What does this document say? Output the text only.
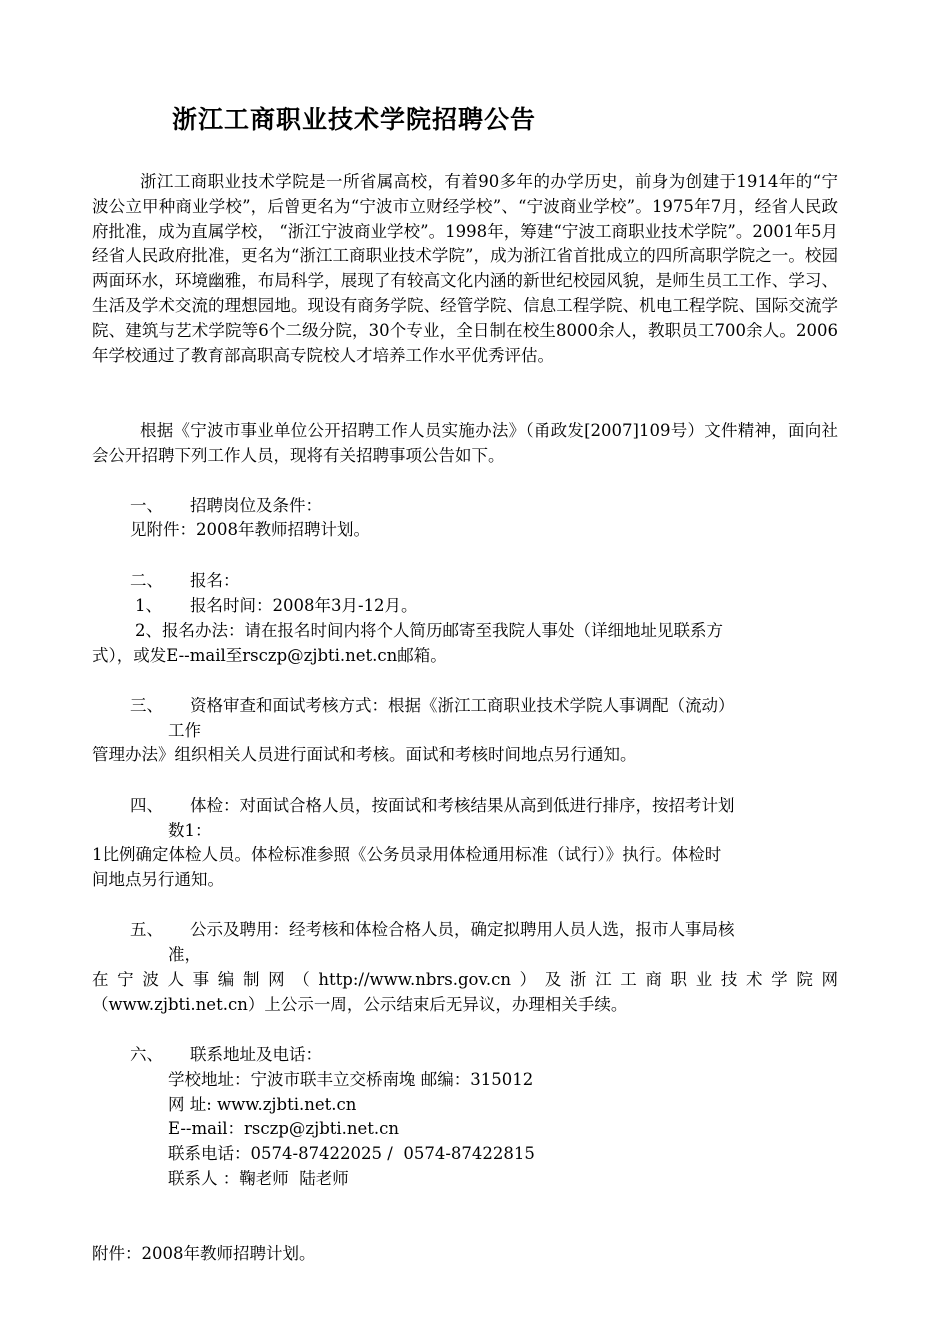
浙江工商职业技术学院招聘公告
浙江工商职业技术学院是一所省属高校，有着90多年的办学历史，前身为创建于1914年的“宁波公立甲种商业学校”，后曾更名为“宁波市立财经学校”、“宁波商业学校”。1975年7月，经省人民政府批准，成为直属学校， “浙江宁波商业学校”。1998年，筹建“宁波工商职业技术学院”。2001年5月经省人民政府批准，更名为“浙江工商职业技术学院”，成为浙江省首批成立的四所高职学院之一。校园两面环水，环境幽雅，布局科学，展现了有较高文化内涵的新世纪校园风貌，是师生员工工作、学习、生活及学术交流的理想园地。现设有商务学院、经管学院、信息工程学院、机电工程学院、国际交流学院、建筑与艺术学院等6个二级分院，30个专业，全日制在校生8000余人，教职员工700余人。2006年学校通过了教育部高职高专院校人才培养工作水平优秀评估。
根据《宁波市事业单位公开招聘工作人员实施办法》（甬政发[2007]109号）文件精神，面向社会公开招聘下列工作人员，现将有关招聘事项公告如下。
一、 招聘岗位及条件：
见附件：2008年教师招聘计划。
二、 报名：
1、 报名时间：2008年3月-12月。
2、报名办法：请在报名时间内将个人简历邮寄至我院人事处（详细地址见联系方
式），或发E--mail至rsczp@zjbti.net.cn邮箱。
三、 资格审查和面试考核方式：根据《浙江工商职业技术学院人事调配（流动）
工作
管理办法》组织相关人员进行面试和考核。面试和考核时间地点另行通知。
四、 体检：对面试合格人员，按面试和考核结果从高到低进行排序，按招考计划
数1：
1比例确定体检人员。体检标准参照《公务员录用体检通用标准（试行）》执行。体检时
间地点另行通知。
五、 公示及聘用：经考核和体检合格人员，确定拟聘用人员人选，报市人事局核
准，
在宁波人事编制网（http://www.nbrs.gov.cn）及浙江工商职业技术学院网
（www.zjbti.net.cn）上公示一周，公示结束后无异议，办理相关手续。
六、 联系地址及电话：
学校地址：宁波市联丰立交桥南堍 邮编：315012
网 址: www.zjbti.net.cn
E--mail：rsczp@zjbti.net.cn
联系电话：0574-87422025 /  0574-87422815
联系人 ：鞠老师  陆老师
附件：2008年教师招聘计划。
